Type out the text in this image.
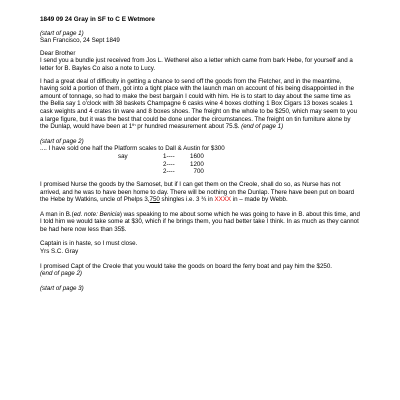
1849 09 24 Gray in SF to C E Wetmore

(start of page 1)

San Francisco, 24 Sept 1849

Dear Brother

I send you a bundle just received from Jos L. Wetherel also a letter which came from bark Hebe, for yourself and a letter for B. Bayles Co also a note to Lucy.

I had a great deal of difficulty in getting a chance to send off the goods from the Fletcher, and in the meantime, having sold a portion of them, got into a tight place with the launch man on account of his being disappointed in the amount of tonnage, so had to make the best bargain I could with him. He is to start to day about the same time as the Bella say 1 o'clock with 38 baskets Champagne 6 casks wine 4 boxes clothing 1 Box Cigars 13 boxes scales 1 cask weights and 4 crates tin ware and 8 boxes shoes. The freight on the whole to be $250, which may seem to you a large figure, but it was the best that could be done under the circumstances. The freight on tin furniture alone by the Dunlap, would have been at 1th pr hundred measurement about 75.$. (end of page 1)

(start of page 2)

.... I have sold one half the Platform scales to Dall & Austin for $300

say	1---- 1600
2---- 1200
2----	700

I promised Nurse the goods by the Samoset, but if I can get them on the Creole, shall do so, as Nurse has not arrived, and he was to have been home to day. There will be nothing on the Dunlap. There have been put on board the Hebe by Watkins, uncle of Phelps 3,750 shingles i.e. 3 ¾ in XXXX in – made by Webb.

A man in B.(ed. note: Benicia) was speaking to me about some which he was going to have in B. about this time, and I told him we would take some at $30, which if he brings them, you had better take I think. In as much as they cannot be had here now less than 35$.

Captain is in haste, so I must close.

Yrs S.C. Gray

I promised Capt of the Creole that you would take the goods on board the ferry boat and pay him the $250.
(end of page 2)

(start of page 3)
